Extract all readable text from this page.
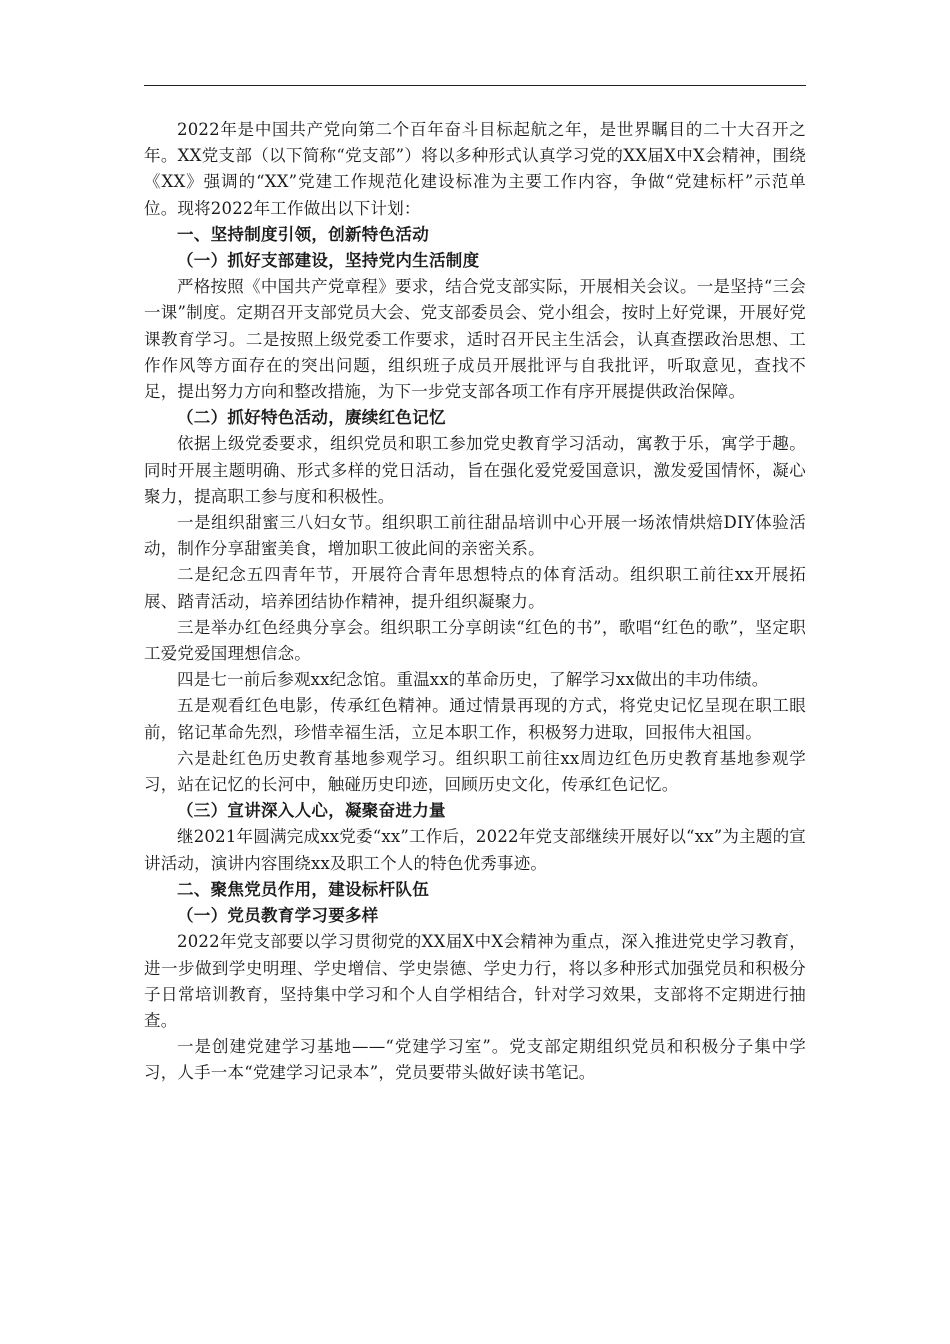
2022年是中国共产党向第二个百年奋斗目标起航之年，是世界瞩目的二十大召开之年。XX党支部（以下简称“党支部”）将以多种形式认真学习党的XX届X中X会精神，围绕《XX》强调的“XX”党建工作规范化建设标准为主要工作内容，争做“党建标杆”示范单位。现将2022年工作做出以下计划：

一、坚持制度引领，创新特色活动

（一）抓好支部建设，坚持党内生活制度

严格按照《中国共产党章程》要求，结合党支部实际，开展相关会议。一是坚持“三会一课”制度。定期召开支部党员大会、党支部委员会、党小组会，按时上好党课，开展好党课教育学习。二是按照上级党委工作要求，适时召开民主生活会，认真查摆政治思想、工作作风等方面存在的突出问题，组织班子成员开展批评与自我批评，听取意见，查找不足，提出努力方向和整改措施，为下一步党支部各项工作有序开展提供政治保障。

（二）抓好特色活动，赓续红色记忆

依据上级党委要求，组织党员和职工参加党史教育学习活动，寓教于乐，寓学于趣。同时开展主题明确、形式多样的党日活动，旨在强化爱党爱国意识，激发爱国情怀，凝心聚力，提高职工参与度和积极性。

一是组织甜蜜三八妇女节。组织职工前往甜品培训中心开展一场浓情烘焙DIY体验活动，制作分享甜蜜美食，增加职工彼此间的亲密关系。

二是纪念五四青年节，开展符合青年思想特点的体育活动。组织职工前往xx开展拓展、踏青活动，培养团结协作精神，提升组织凝聚力。

三是举办红色经典分享会。组织职工分享朗读“红色的书”，歌唱“红色的歌”，坚定职工爱党爱国理想信念。

四是七一前后参观xx纪念馆。重温xx的革命历史，了解学习xx做出的丰功伟绩。

五是观看红色电影，传承红色精神。通过情景再现的方式，将党史记忆呈现在职工眼前，铭记革命先烈，珍惜幸福生活，立足本职工作，积极努力进取，回报伟大祖国。

六是赴红色历史教育基地参观学习。组织职工前往xx周边红色历史教育基地参观学习，站在记忆的长河中，触碰历史印迹，回顾历史文化，传承红色记忆。

（三）宣讲深入人心，凝聚奋进力量

继2021年圆满完成xx党委“xx”工作后，2022年党支部继续开展好以“xx”为主题的宣讲活动，演讲内容围绕xx及职工个人的特色优秀事迹。

二、聚焦党员作用，建设标杆队伍

（一）党员教育学习要多样

2022年党支部要以学习贯彻党的XX届X中X会精神为重点，深入推进党史学习教育，进一步做到学史明理、学史增信、学史崇德、学史力行，将以多种形式加强党员和积极分子日常培训教育，坚持集中学习和个人自学相结合，针对学习效果，支部将不定期进行抽查。

一是创建党建学习基地——“党建学习室”。党支部定期组织党员和积极分子集中学习，人手一本“党建学习记录本”，党员要带头做好读书笔记。
